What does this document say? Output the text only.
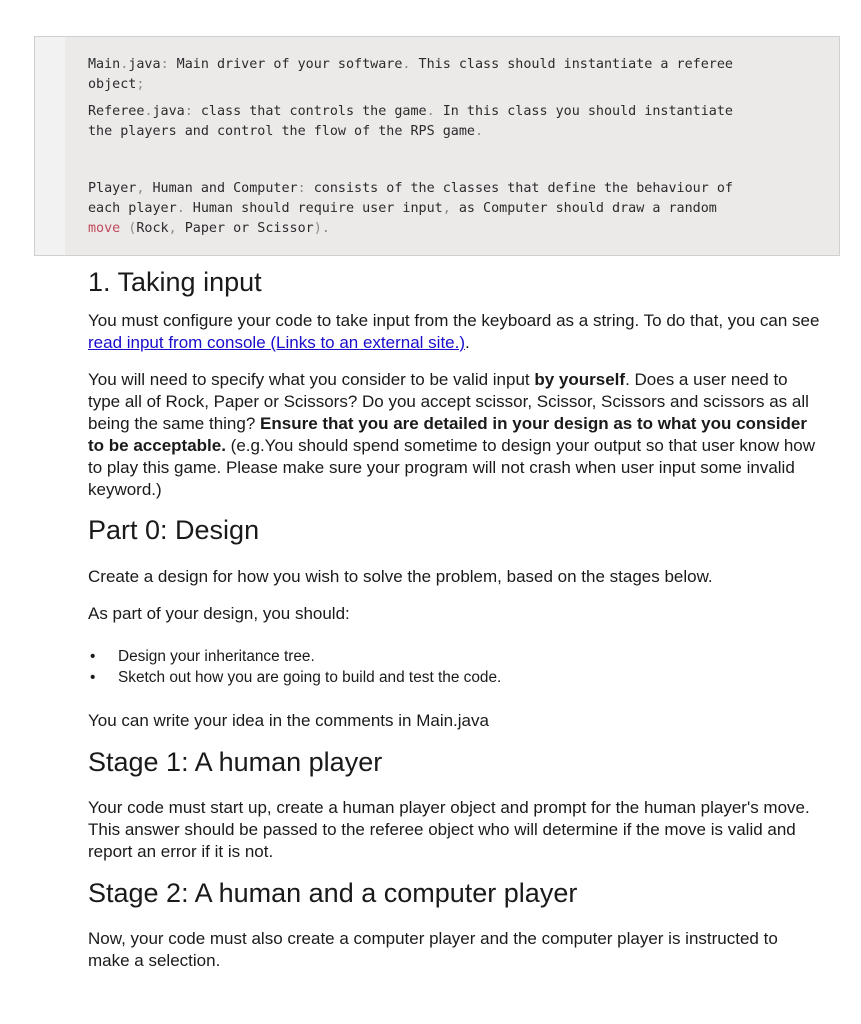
Main.java: Main driver of your software. This class should instantiate a referee

object;

Referee.java: class that controls the game. In this class you should instantiate

the players and control the flow of the RPS game.

Player, Human and Computer: consists of the classes that define the behaviour of

each player. Human should require user input, as Computer should draw a random

move (Rock, Paper or Scissor).

1. Taking input

You must configure your code to take input from the keyboard as a string. To do that, you can see read input from console (Links to an external site.).

You will need to specify what you consider to be valid input by yourself. Does a user need to type all of Rock, Paper or Scissors? Do you accept scissor, Scissor, Scissors and scissors as all being the same thing? Ensure that you are detailed in your design as to what you consider to be acceptable. (e.g.You should spend sometime to design your output so that user know how to play this game. Please make sure your program will not crash when user input some invalid keyword.)

Part 0: Design

Create a design for how you wish to solve the problem, based on the stages below.

As part of your design, you should:

• Design your inheritance tree.
• Sketch out how you are going to build and test the code.

You can write your idea in the comments in Main.java

Stage 1: A human player

Your code must start up, create a human player object and prompt for the human player's move. This answer should be passed to the referee object who will determine if the move is valid and report an error if it is not.

Stage 2: A human and a computer player

Now, your code must also create a computer player and the computer player is instructed to make a selection.
